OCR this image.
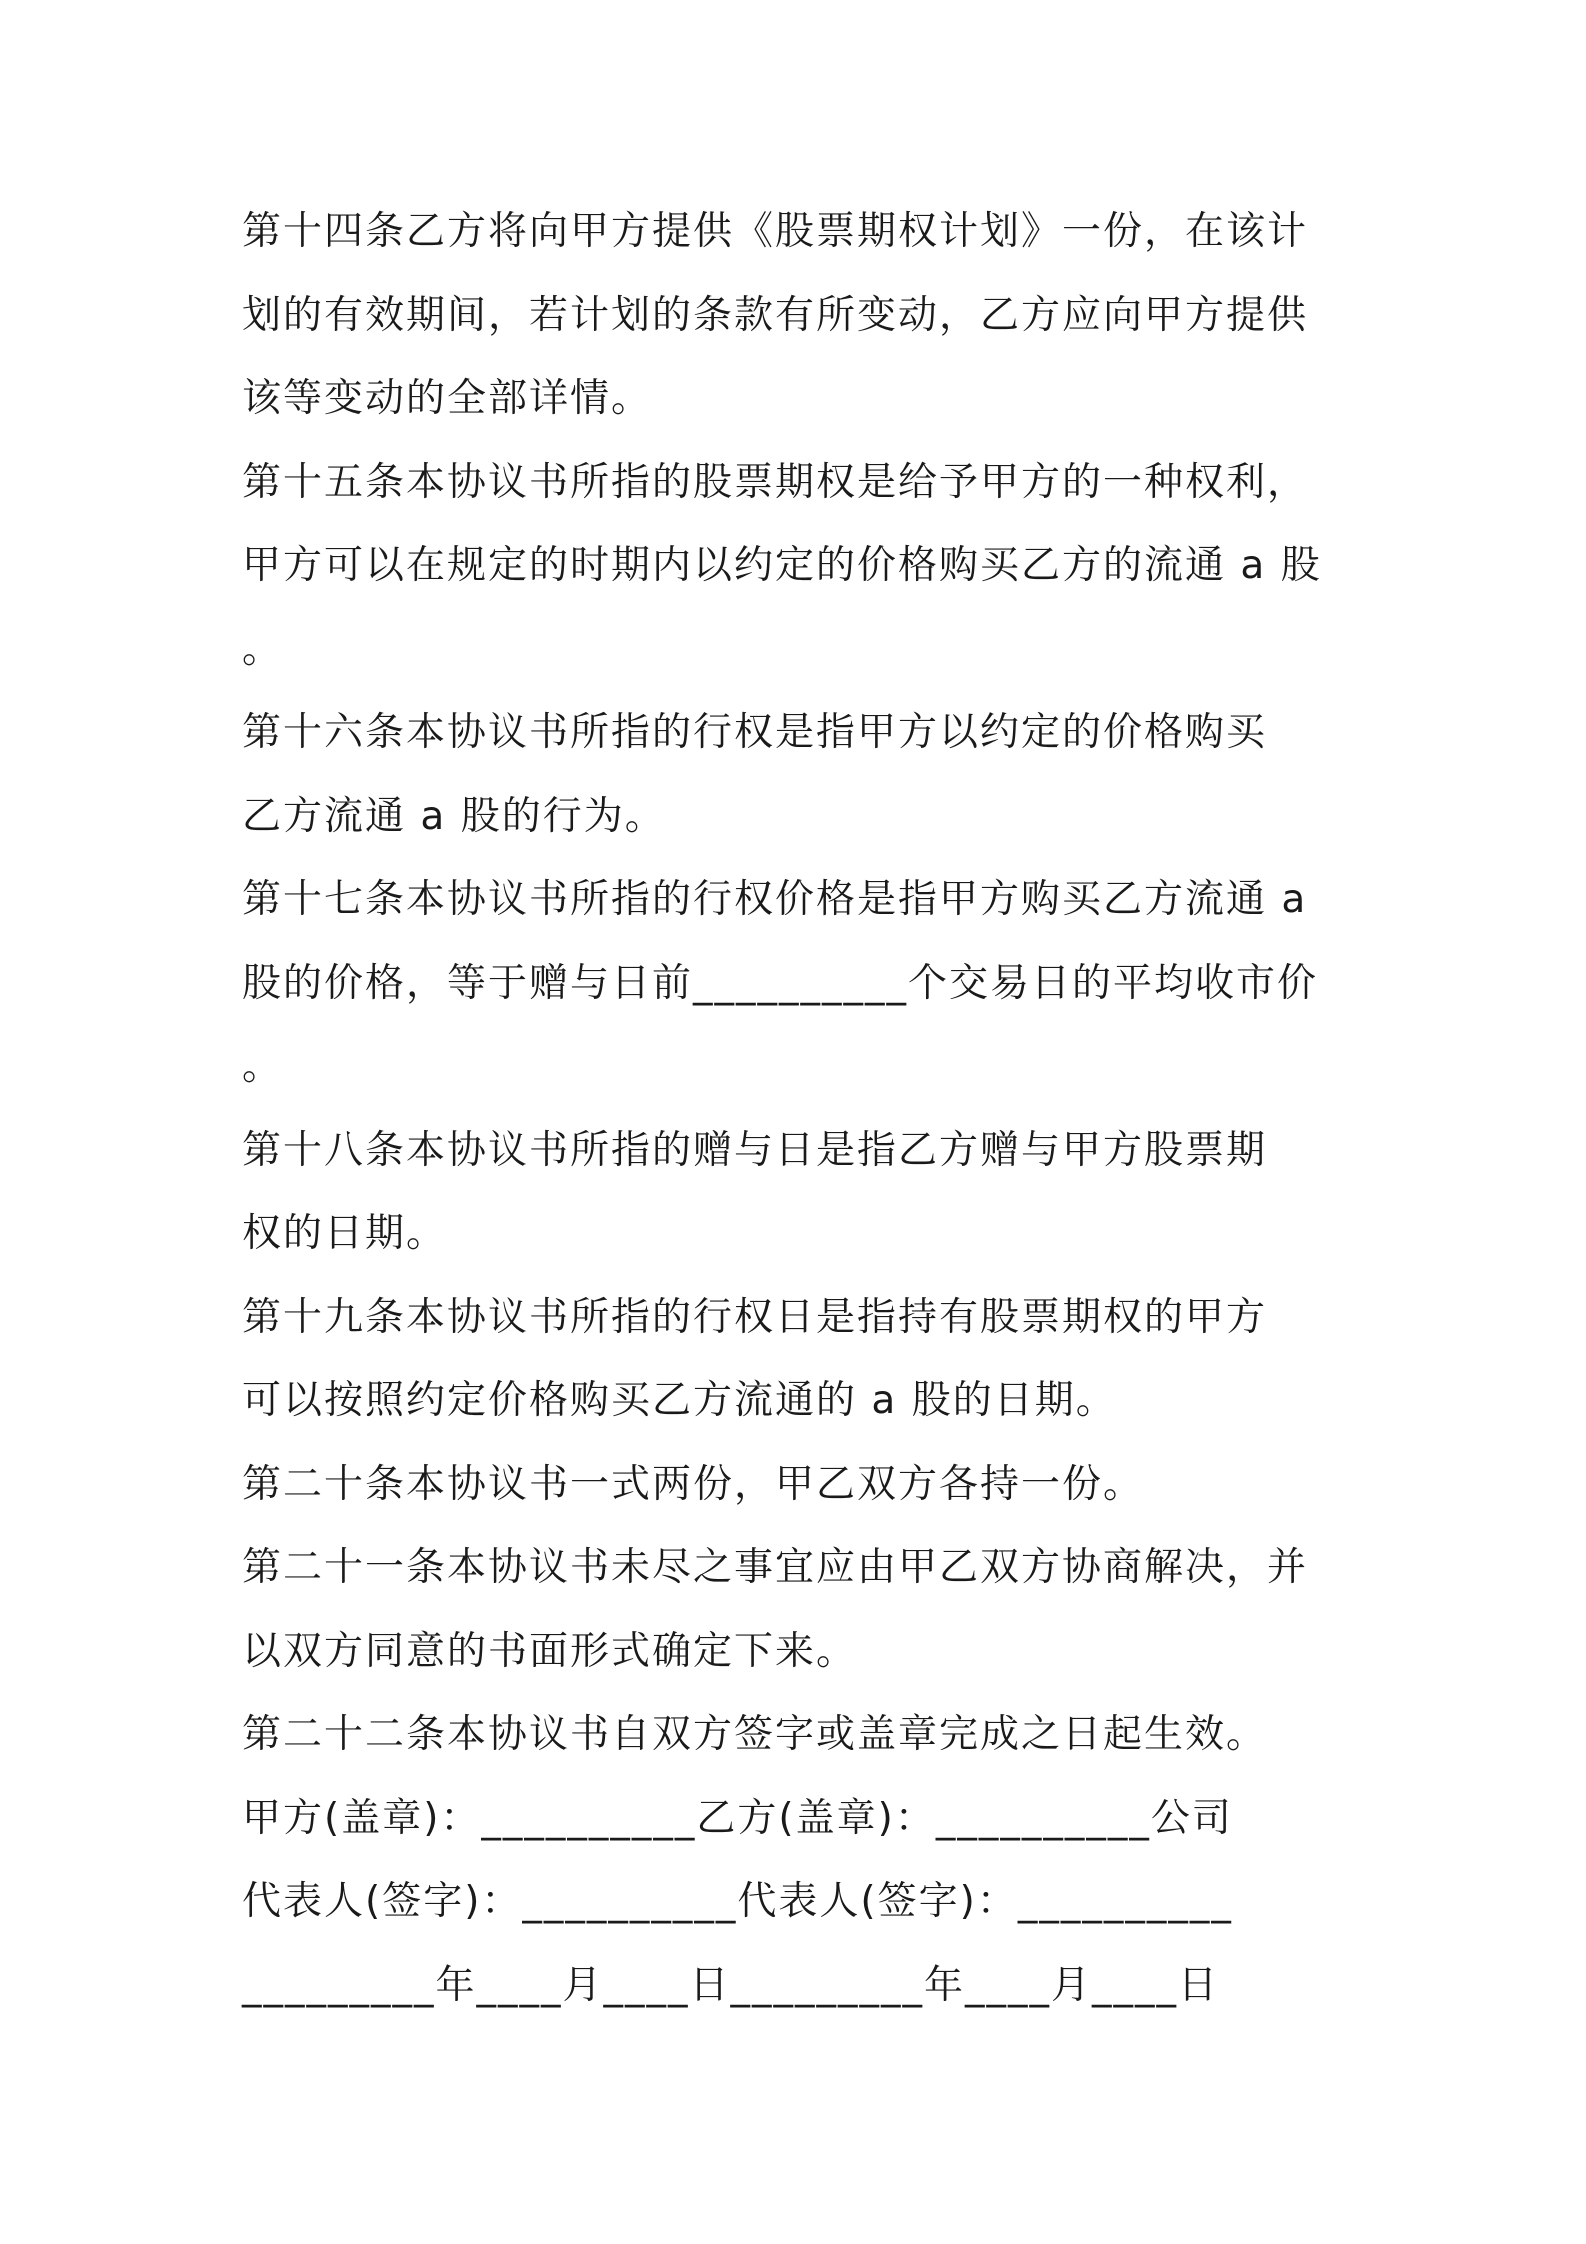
第十四条乙方将向甲方提供《股票期权计划》一份，在该计
划的有效期间，若计划的条款有所变动，乙方应向甲方提供
该等变动的全部详情。
第十五条本协议书所指的股票期权是给予甲方的一种权利，
甲方可以在规定的时期内以约定的价格购买乙方的流通 a 股
。
第十六条本协议书所指的行权是指甲方以约定的价格购买
乙方流通 a 股的行为。
第十七条本协议书所指的行权价格是指甲方购买乙方流通 a
股的价格，等于赠与日前__________个交易日的平均收市价
。
第十八条本协议书所指的赠与日是指乙方赠与甲方股票期
权的日期。
第十九条本协议书所指的行权日是指持有股票期权的甲方
可以按照约定价格购买乙方流通的 a 股的日期。
第二十条本协议书一式两份，甲乙双方各持一份。
第二十一条本协议书未尽之事宜应由甲乙双方协商解决，并
以双方同意的书面形式确定下来。
第二十二条本协议书自双方签字或盖章完成之日起生效。
甲方(盖章)：__________乙方(盖章)：__________公司
代表人(签字)：__________代表人(签字)：__________
_________年____月____日_________年____月____日
